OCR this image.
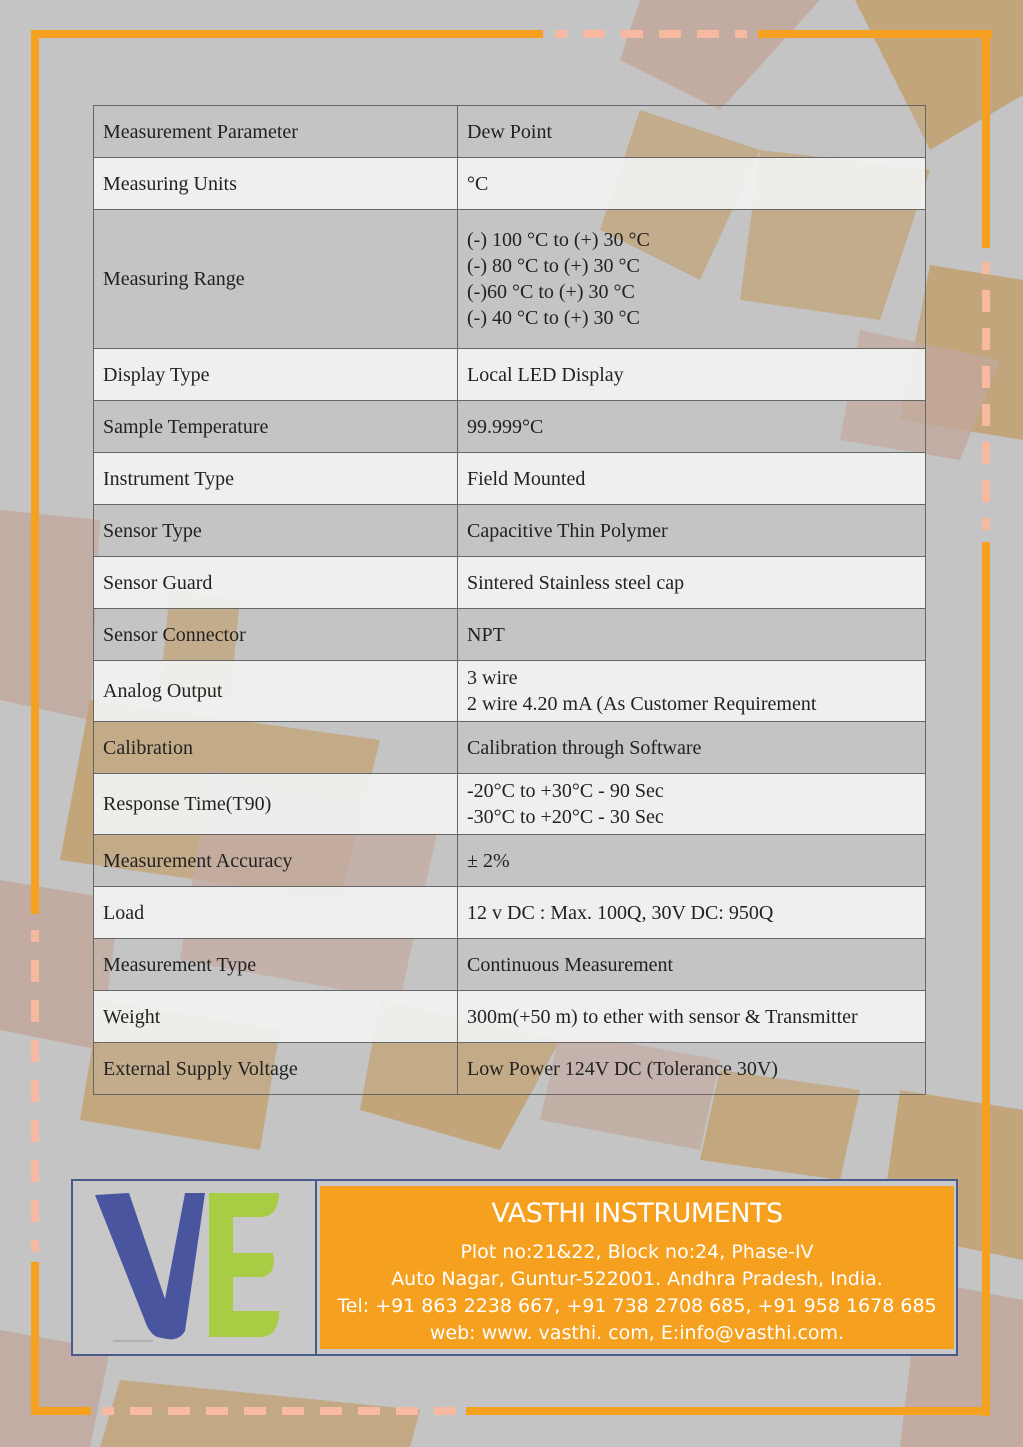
Measurement Parameter	Dew Point

Measuring Units	°C

Measuring Range	(-) 100 °C to (+) 30 °C
(-) 80 °C to (+) 30 °C
(-)60 °C to (+) 30 °C
(-) 40 °C to (+) 30 °C

Display Type	Local LED Display

Sample Temperature	99.999°C

Instrument Type	Field Mounted

Sensor Type	Capacitive Thin Polymer

Sensor Guard	Sintered Stainless steel cap

Sensor Connector	NPT

Analog Output	3 wire
2 wire 4.20 mA (As Customer Requirement

Calibration	Calibration through Software

Response Time(T90)	-20°C to +30°C - 90 Sec
-30°C to +20°C - 30 Sec

Measurement Accuracy	± 2%

Load	12 v DC : Max. 100Q, 30V DC: 950Q

Measurement Type	Continuous Measurement

Weight	300m(+50 m) to ether with sensor & Transmitter

External Supply Voltage	Low Power 124V DC (Tolerance 30V)
VASTHI INSTRUMENTS
Plot no:21&22, Block no:24, Phase-IV
Auto Nagar, Guntur-522001. Andhra Pradesh, India.
Tel: +91 863 2238 667, +91 738 2708 685, +91 958 1678 685
web: www. vasthi. com, E:info@vasthi.com.
